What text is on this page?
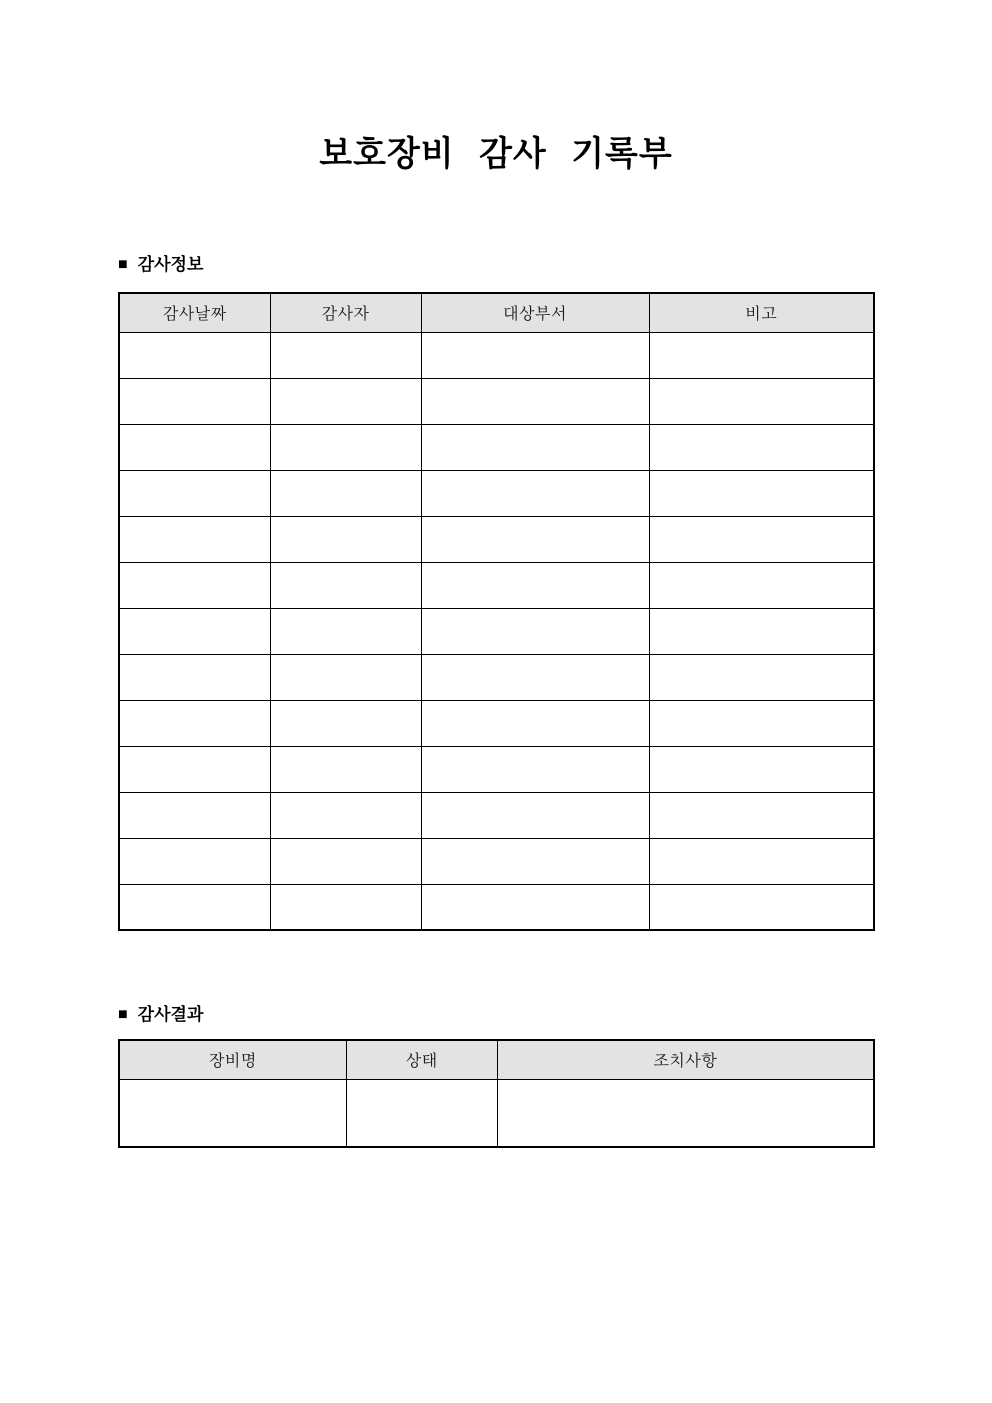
보호장비 감사 기록부
■ 감사정보
감사날짜	감사자	대상부서	비고

■ 감사결과
장비명	상태	조치사항
